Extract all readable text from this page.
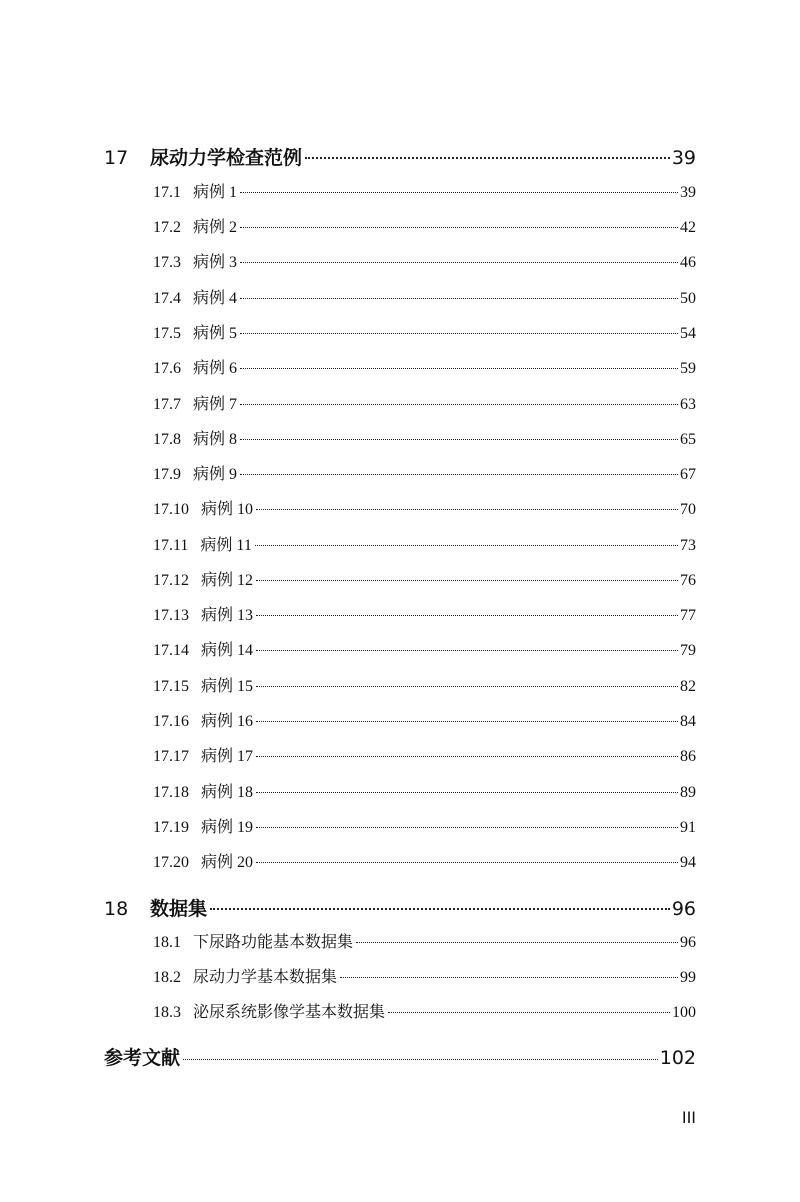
17	尿动力学检查范例	39
17.1 病例 1	39
17.2 病例 2	42
17.3 病例 3	46
17.4 病例 4	50
17.5 病例 5	54
17.6 病例 6	59
17.7 病例 7	63
17.8 病例 8	65
17.9 病例 9	67
17.10 病例 10	70
17.11 病例 11	73
17.12 病例 12	76
17.13 病例 13	77
17.14 病例 14	79
17.15 病例 15	82
17.16 病例 16	84
17.17 病例 17	86
17.18 病例 18	89
17.19 病例 19	91
17.20 病例 20	94
18	数据集	96
18.1 下尿路功能基本数据集	96
18.2 尿动力学基本数据集	99
18.3 泌尿系统影像学基本数据集	100
参考文献	102
III
